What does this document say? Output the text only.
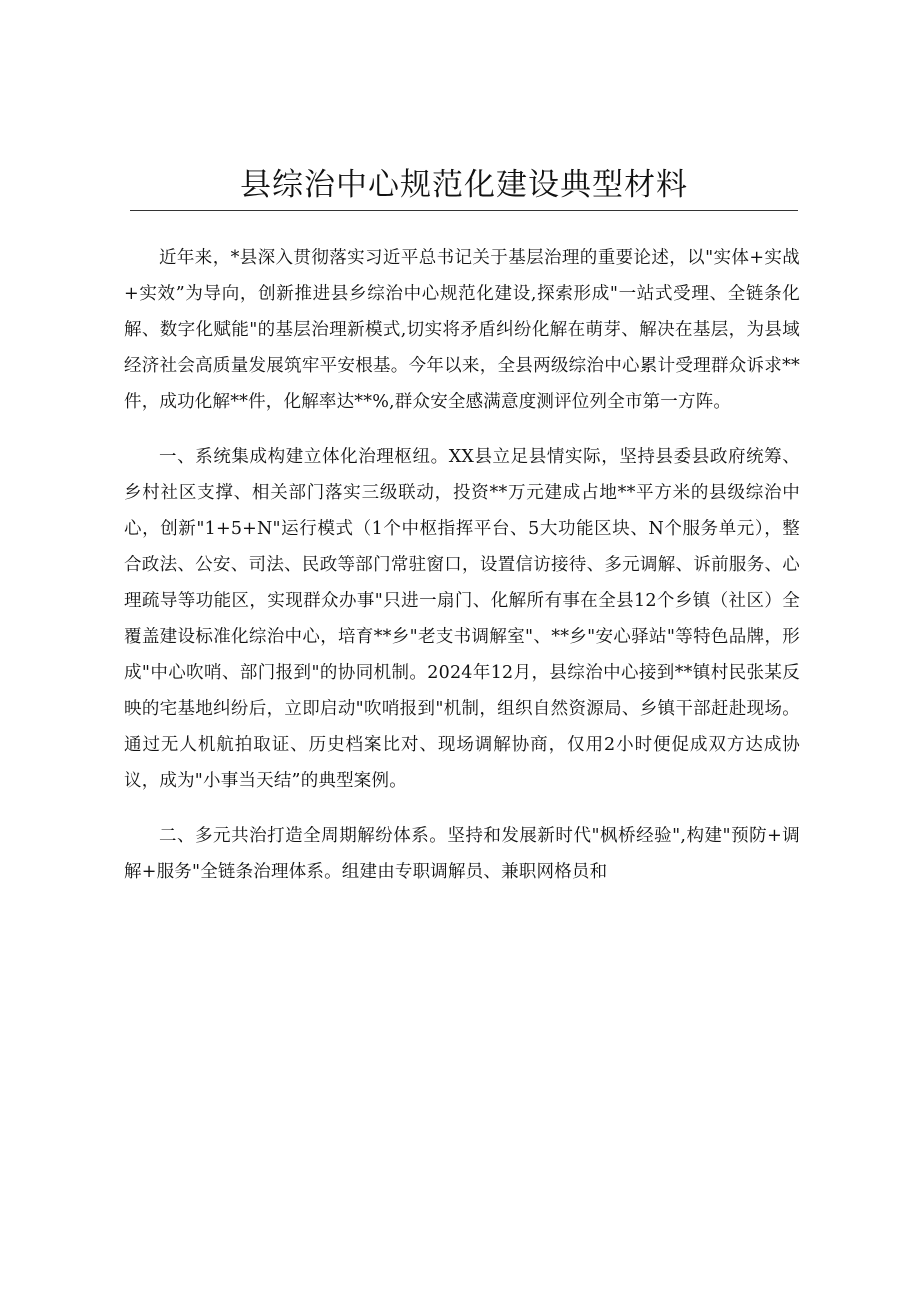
县综治中心规范化建设典型材料

近年来，*县深入贯彻落实习近平总书记关于基层治理的重要论述，以"实体+实战+实效”为导向，创新推进县乡综治中心规范化建设,探索形成"一站式受理、全链条化解、数字化赋能"的基层治理新模式,切实将矛盾纠纷化解在萌芽、解决在基层，为县域经济社会高质量发展筑牢平安根基。今年以来，全县两级综治中心累计受理群众诉求**件，成功化解**件，化解率达**%,群众安全感满意度测评位列全市第一方阵。

一、系统集成构建立体化治理枢纽。XX县立足县情实际，坚持县委县政府统筹、乡村社区支撑、相关部门落实三级联动，投资**万元建成占地**平方米的县级综治中心，创新"1+5+N"运行模式（1个中枢指挥平台、5大功能区块、N个服务单元），整合政法、公安、司法、民政等部门常驻窗口，设置信访接待、多元调解、诉前服务、心理疏导等功能区，实现群众办事"只进一扇门、化解所有事在全县12个乡镇（社区）全覆盖建设标准化综治中心，培育**乡"老支书调解室"、**乡"安心驿站"等特色品牌，形成"中心吹哨、部门报到"的协同机制。2024年12月，县综治中心接到**镇村民张某反映的宅基地纠纷后，立即启动"吹哨报到"机制，组织自然资源局、乡镇干部赶赴现场。通过无人机航拍取证、历史档案比对、现场调解协商，仅用2小时便促成双方达成协议，成为"小事当天结”的典型案例。

二、多元共治打造全周期解纷体系。坚持和发展新时代"枫桥经验",构建"预防+调解+服务"全链条治理体系。组建由专职调解员、兼职网格员和
